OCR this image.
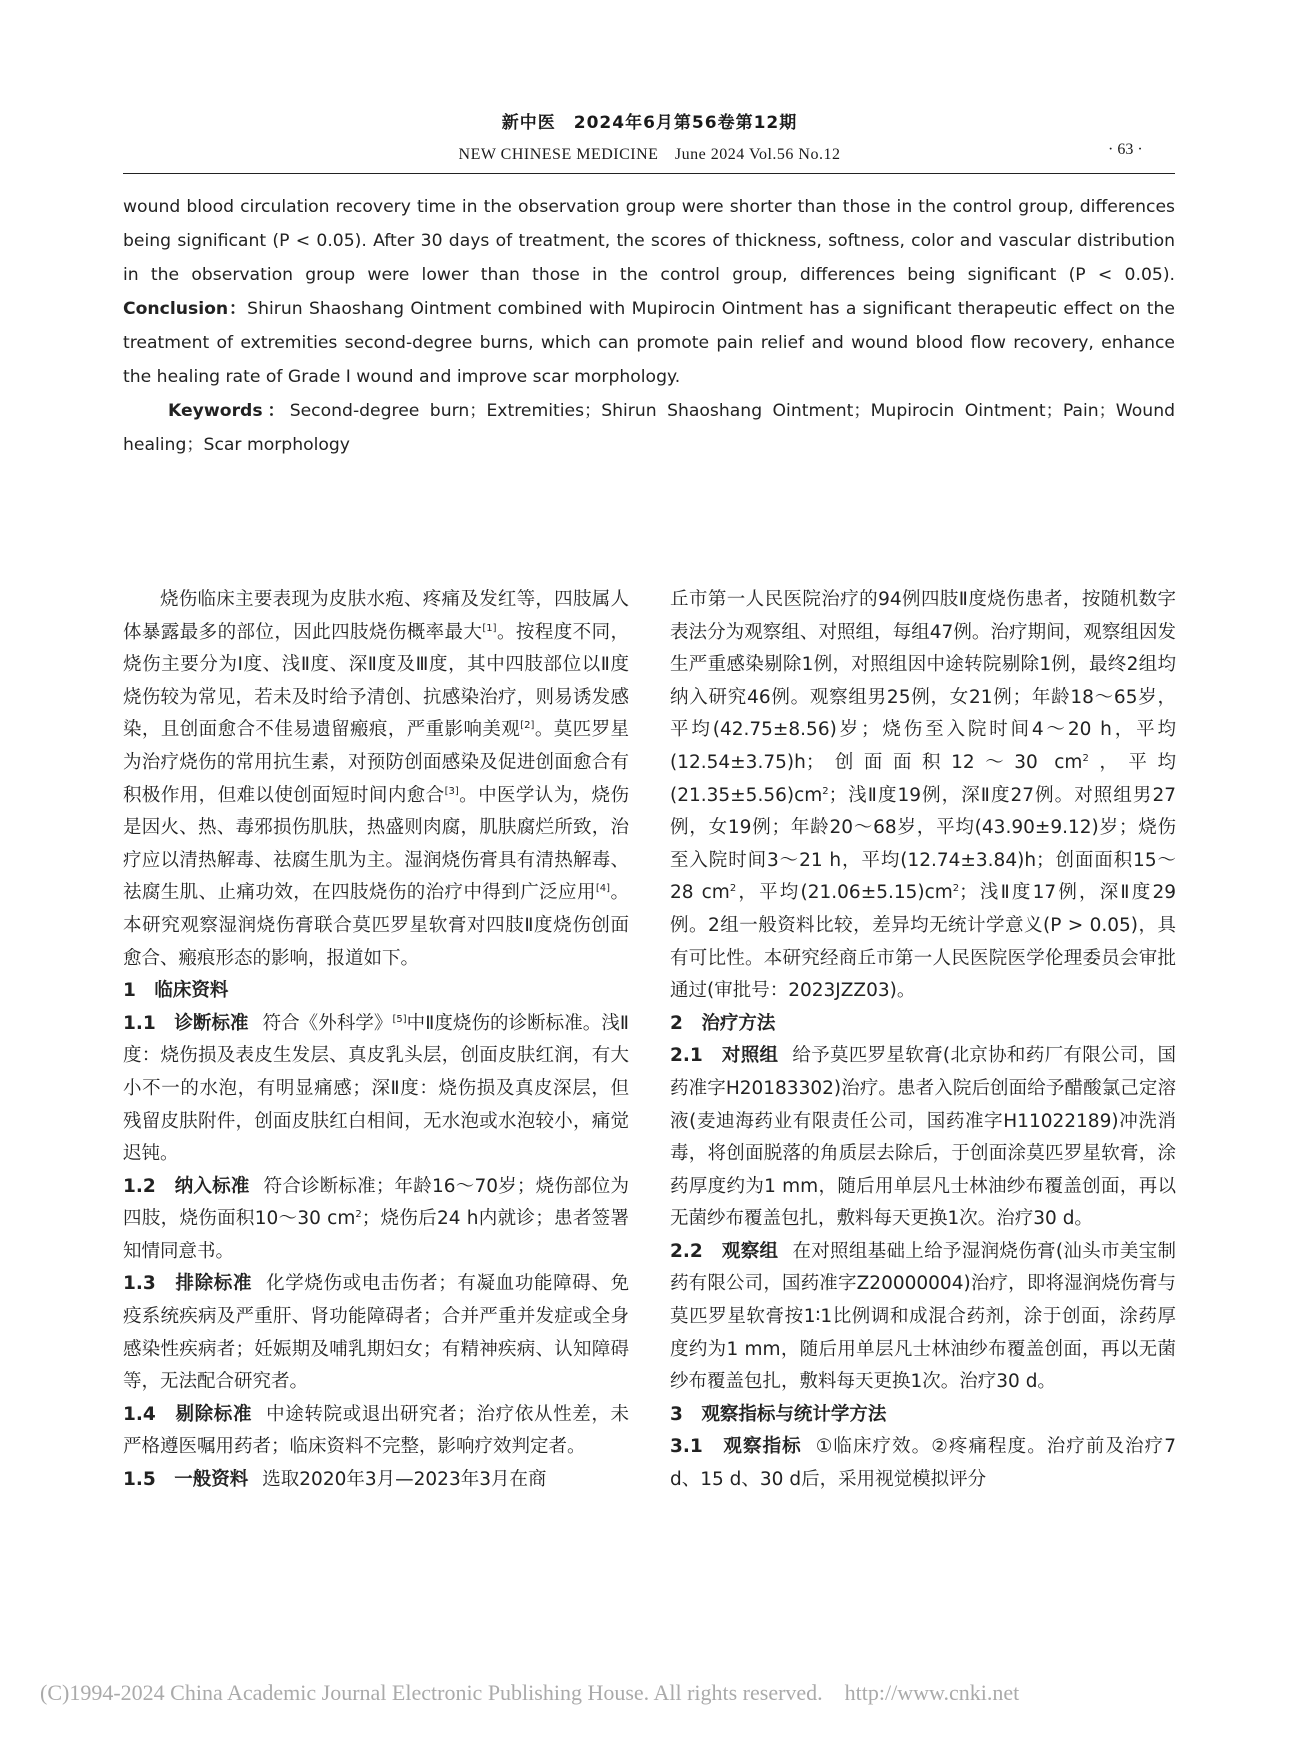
新中医　2024年6月第56卷第12期
NEW CHINESE MEDICINE　June 2024 Vol.56 No.12	· 63 ·

wound blood circulation recovery time in the observation group were shorter than those in the control group, differences being significant (P < 0.05). After 30 days of treatment, the scores of thickness, softness, color and vascular distribution in the observation group were lower than those in the control group, differences being significant (P < 0.05). Conclusion：Shirun Shaoshang Ointment combined with Mupirocin Ointment has a significant therapeutic effect on the treatment of extremities second-degree burns, which can promote pain relief and wound blood flow recovery, enhance the healing rate of Grade I wound and improve scar morphology.

Keywords：Second-degree burn；Extremities；Shirun Shaoshang Ointment；Mupirocin Ointment；Pain；Wound healing；Scar morphology

烧伤临床主要表现为皮肤水疱、疼痛及发红等，四肢属人体暴露最多的部位，因此四肢烧伤概率最大[1]。按程度不同，烧伤主要分为Ⅰ度、浅Ⅱ度、深Ⅱ度及Ⅲ度，其中四肢部位以Ⅱ度烧伤较为常见，若未及时给予清创、抗感染治疗，则易诱发感染，且创面愈合不佳易遗留瘢痕，严重影响美观[2]。莫匹罗星为治疗烧伤的常用抗生素，对预防创面感染及促进创面愈合有积极作用，但难以使创面短时间内愈合[3]。中医学认为，烧伤是因火、热、毒邪损伤肌肤，热盛则肉腐，肌肤腐烂所致，治疗应以清热解毒、祛腐生肌为主。湿润烧伤膏具有清热解毒、祛腐生肌、止痛功效，在四肢烧伤的治疗中得到广泛应用[4]。本研究观察湿润烧伤膏联合莫匹罗星软膏对四肢Ⅱ度烧伤创面愈合、瘢痕形态的影响，报道如下。

1　临床资料

1.1　诊断标准 符合《外科学》[5]中Ⅱ度烧伤的诊断标准。浅Ⅱ度：烧伤损及表皮生发层、真皮乳头层，创面皮肤红润，有大小不一的水泡，有明显痛感；深Ⅱ度：烧伤损及真皮深层，但残留皮肤附件，创面皮肤红白相间，无水泡或水泡较小，痛觉迟钝。

1.2　纳入标准 符合诊断标准；年龄16～70岁；烧伤部位为四肢，烧伤面积10～30 $cm^2$；烧伤后24 h内就诊；患者签署知情同意书。

1.3　排除标准 化学烧伤或电击伤者；有凝血功能障碍、免疫系统疾病及严重肝、肾功能障碍者；合并严重并发症或全身感染性疾病者；妊娠期及哺乳期妇女；有精神疾病、认知障碍等，无法配合研究者。

1.4　剔除标准 中途转院或退出研究者；治疗依从性差，未严格遵医嘱用药者；临床资料不完整，影响疗效判定者。

1.5　一般资料 选取2020年3月—2023年3月在商

丘市第一人民医院治疗的94例四肢Ⅱ度烧伤患者，按随机数字表法分为观察组、对照组，每组47例。治疗期间，观察组因发生严重感染剔除1例，对照组因中途转院剔除1例，最终2组均纳入研究46例。观察组男25例，女21例；年龄18～65岁，平均(42.75±8.56)岁；烧伤至入院时间4～20 h，平均(12.54±3.75)h；创面面积12～30 $cm^2$，平均$(21.35\pm 5.56)cm^2$；浅Ⅱ度19例，深Ⅱ度27例。对照组男27例，女19例；年龄20～68岁，平均(43.90±9.12)岁；烧伤至入院时间3～21 h，平均(12.74±3.84)h；创面面积15～28 $cm^2$，平均$(21.06\pm 5.15)cm^2$；浅Ⅱ度17例，深Ⅱ度29例。2组一般资料比较，差异均无统计学意义(P > 0.05)，具有可比性。本研究经商丘市第一人民医院医学伦理委员会审批通过(审批号：2023JZZ03)。

2　治疗方法

2.1　对照组 给予莫匹罗星软膏(北京协和药厂有限公司，国药准字H20183302)治疗。患者入院后创面给予醋酸氯己定溶液(麦迪海药业有限责任公司，国药准字H11022189)冲洗消毒，将创面脱落的角质层去除后，于创面涂莫匹罗星软膏，涂药厚度约为1 mm，随后用单层凡士林油纱布覆盖创面，再以无菌纱布覆盖包扎，敷料每天更换1次。治疗30 d。

2.2　观察组 在对照组基础上给予湿润烧伤膏(汕头市美宝制药有限公司，国药准字Z20000004)治疗，即将湿润烧伤膏与莫匹罗星软膏按1∶1比例调和成混合药剂，涂于创面，涂药厚度约为1 mm，随后用单层凡士林油纱布覆盖创面，再以无菌纱布覆盖包扎，敷料每天更换1次。治疗30 d。

3　观察指标与统计学方法

3.1　观察指标 ①临床疗效。②疼痛程度。治疗前及治疗7 d、15 d、30 d后，采用视觉模拟评分

(C)1994-2024 China Academic Journal Electronic Publishing House. All rights reserved.　http://www.cnki.net
